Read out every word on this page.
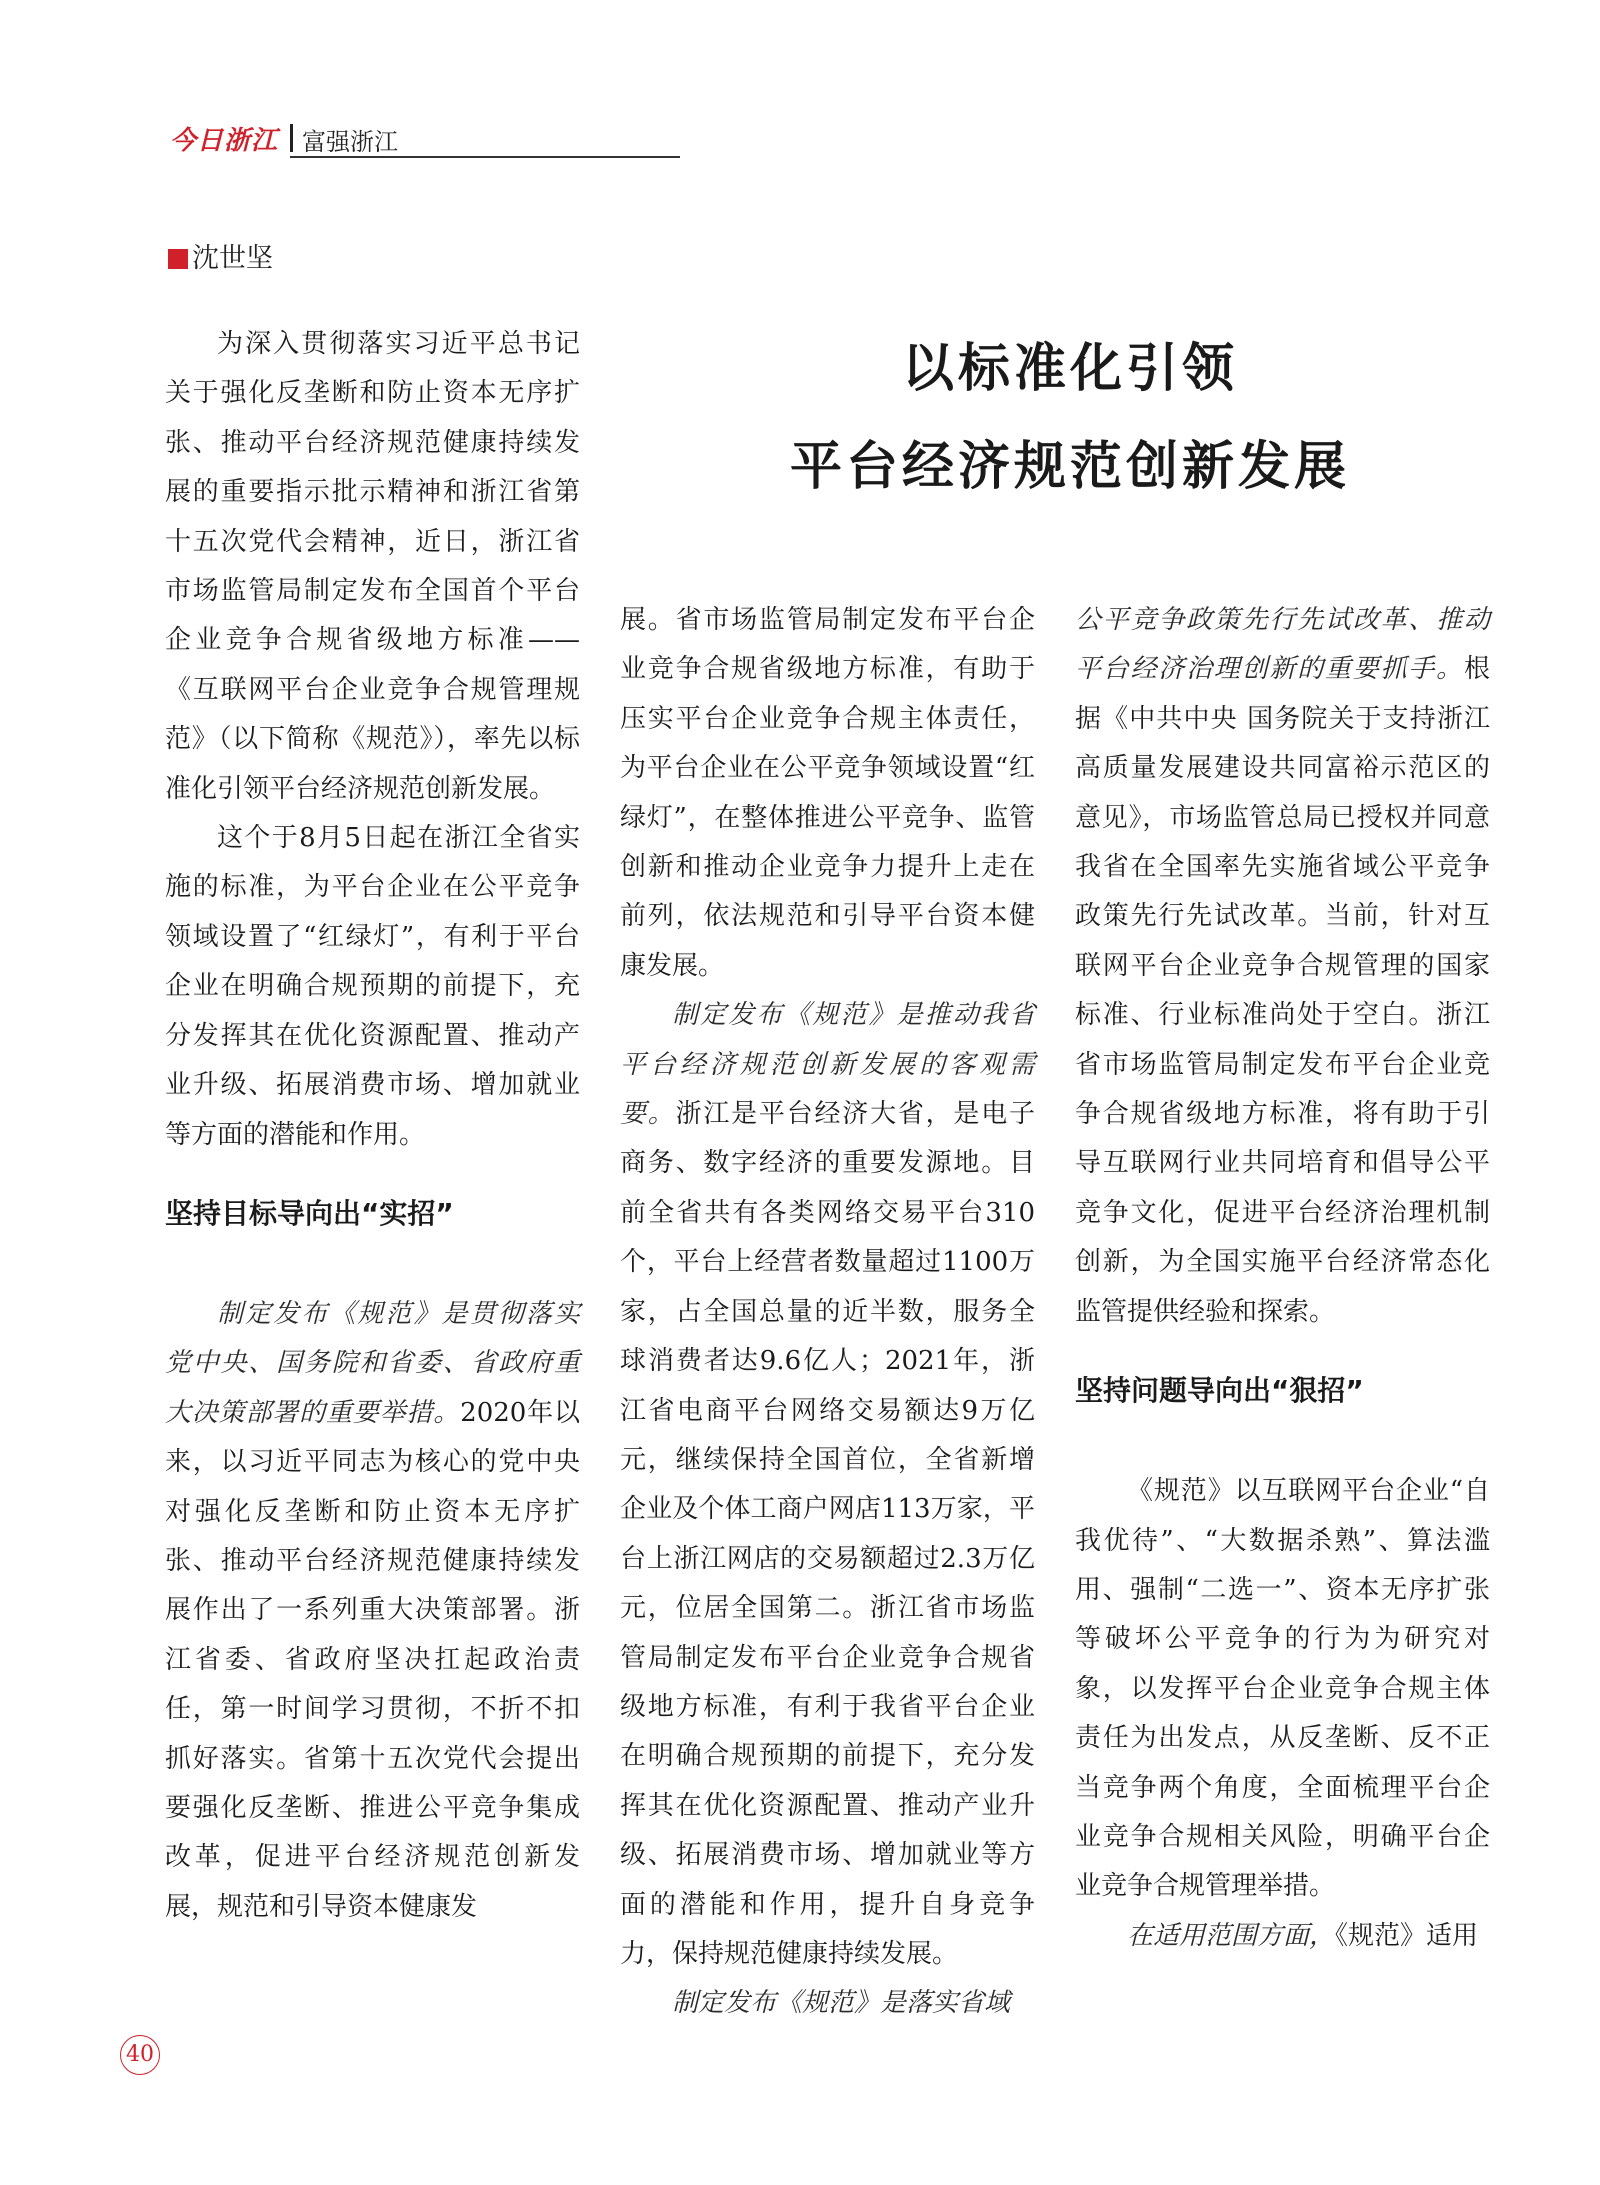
今日浙江 富强浙江
沈世坚
以标准化引领
平台经济规范创新发展

为深入贯彻落实习近平总书记关于强化反垄断和防止资本无序扩张、推动平台经济规范健康持续发展的重要指示批示精神和浙江省第十五次党代会精神，近日，浙江省市场监管局制定发布全国首个平台企业竞争合规省级地方标准——《互联网平台企业竞争合规管理规范》（以下简称《规范》），率先以标准化引领平台经济规范创新发展。

这个于8月5日起在浙江全省实施的标准，为平台企业在公平竞争领域设置了“红绿灯”，有利于平台企业在明确合规预期的前提下，充分发挥其在优化资源配置、推动产业升级、拓展消费市场、增加就业等方面的潜能和作用。

坚持目标导向出“实招”

制定发布《规范》是贯彻落实党中央、国务院和省委、省政府重大决策部署的重要举措。2020年以来，以习近平同志为核心的党中央对强化反垄断和防止资本无序扩张、推动平台经济规范健康持续发展作出了一系列重大决策部署。浙江省委、省政府坚决扛起政治责任，第一时间学习贯彻，不折不扣抓好落实。省第十五次党代会提出要强化反垄断、推进公平竞争集成改革，促进平台经济规范创新发展，规范和引导资本健康发

展。省市场监管局制定发布平台企业竞争合规省级地方标准，有助于压实平台企业竞争合规主体责任，为平台企业在公平竞争领域设置“红绿灯”，在整体推进公平竞争、监管创新和推动企业竞争力提升上走在前列，依法规范和引导平台资本健康发展。

制定发布《规范》是推动我省平台经济规范创新发展的客观需要。浙江是平台经济大省，是电子商务、数字经济的重要发源地。目前全省共有各类网络交易平台310个，平台上经营者数量超过1100万家，占全国总量的近半数，服务全球消费者达9.6亿人；2021年，浙江省电商平台网络交易额达9万亿元，继续保持全国首位，全省新增企业及个体工商户网店113万家，平台上浙江网店的交易额超过2.3万亿元，位居全国第二。浙江省市场监管局制定发布平台企业竞争合规省级地方标准，有利于我省平台企业在明确合规预期的前提下，充分发挥其在优化资源配置、推动产业升级、拓展消费市场、增加就业等方面的潜能和作用，提升自身竞争力，保持规范健康持续发展。

制定发布《规范》是落实省域

公平竞争政策先行先试改革、推动平台经济治理创新的重要抓手。根据《中共中央 国务院关于支持浙江高质量发展建设共同富裕示范区的意见》，市场监管总局已授权并同意我省在全国率先实施省域公平竞争政策先行先试改革。当前，针对互联网平台企业竞争合规管理的国家标准、行业标准尚处于空白。浙江省市场监管局制定发布平台企业竞争合规省级地方标准，将有助于引导互联网行业共同培育和倡导公平竞争文化，促进平台经济治理机制创新，为全国实施平台经济常态化监管提供经验和探索。

坚持问题导向出“狠招”

《规范》以互联网平台企业“自我优待”、“大数据杀熟”、算法滥用、强制“二选一”、资本无序扩张等破坏公平竞争的行为为研究对象，以发挥平台企业竞争合规主体责任为出发点，从反垄断、反不正当竞争两个角度，全面梳理平台企业竞争合规相关风险，明确平台企业竞争合规管理举措。

在适用范围方面，《规范》适用

40
